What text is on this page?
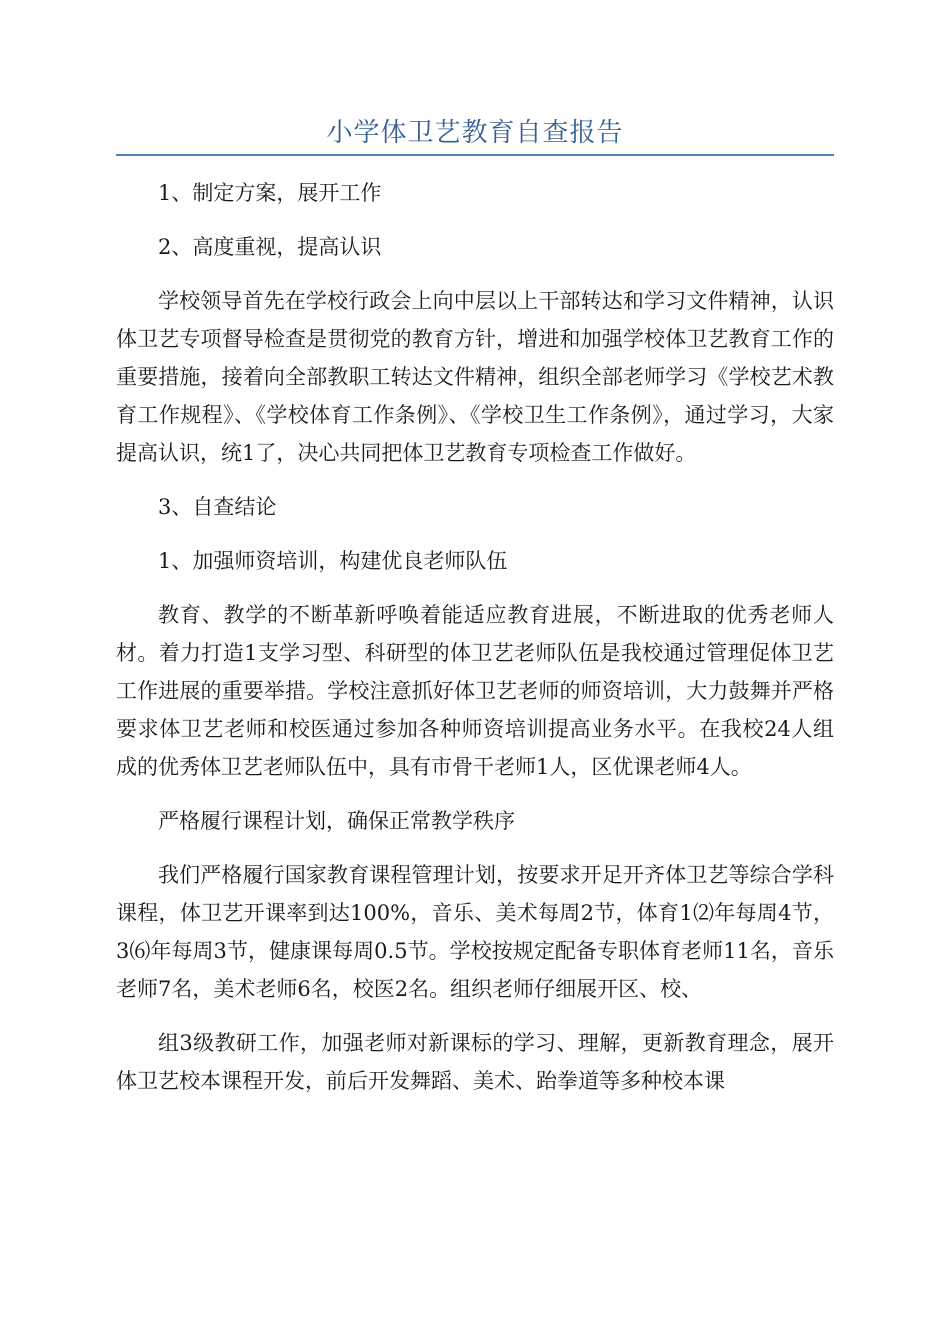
小学体卫艺教育自查报告

1、制定方案，展开工作

2、高度重视，提高认识

学校领导首先在学校行政会上向中层以上干部转达和学习文件精神，认识体卫艺专项督导检查是贯彻党的教育方针，增进和加强学校体卫艺教育工作的重要措施，接着向全部教职工转达文件精神，组织全部老师学习《学校艺术教育工作规程》、《学校体育工作条例》、《学校卫生工作条例》，通过学习，大家提高认识，统1了，决心共同把体卫艺教育专项检查工作做好。

3、自查结论

1、加强师资培训，构建优良老师队伍

教育、教学的不断革新呼唤着能适应教育进展，不断进取的优秀老师人材。着力打造1支学习型、科研型的体卫艺老师队伍是我校通过管理促体卫艺工作进展的重要举措。学校注意抓好体卫艺老师的师资培训，大力鼓舞并严格要求体卫艺老师和校医通过参加各种师资培训提高业务水平。在我校24人组成的优秀体卫艺老师队伍中，具有市骨干老师1人，区优课老师4人。

严格履行课程计划，确保正常教学秩序

我们严格履行国家教育课程管理计划，按要求开足开齐体卫艺等综合学科课程，体卫艺开课率到达100%，音乐、美术每周2节，体育1⑵年每周4节，3⑹年每周3节，健康课每周0.5节。学校按规定配备专职体育老师11名，音乐老师7名，美术老师6名，校医2名。组织老师仔细展开区、校、

组3级教研工作，加强老师对新课标的学习、理解，更新教育理念，展开体卫艺校本课程开发，前后开发舞蹈、美术、跆拳道等多种校本课
